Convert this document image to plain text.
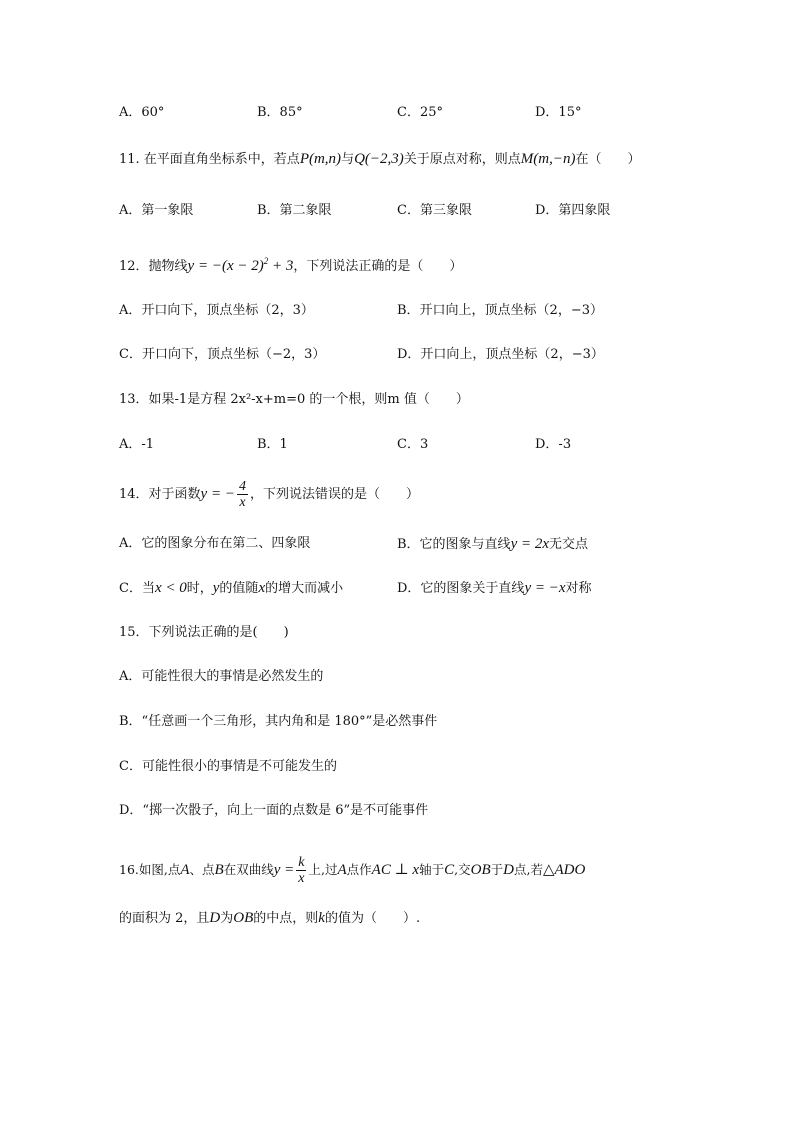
A．60°	B．85°	C．25°	D．15°
11. 在平面直角坐标系中，若点P(m,n)与Q(−2,3)关于原点对称，则点M(m,−n)在（　　）
A．第一象限	B．第二象限	C．第三象限	D．第四象限
12．抛物线$y = -(x - 2)^2 + 3$，下列说法正确的是（　　）
A．开口向下，顶点坐标（2，3）	B．开口向上，顶点坐标（2，−3）
C．开口向下，顶点坐标（−2，3）	D．开口向上，顶点坐标（2，−3）
13．如果-1是方程 2x²-x+m=0 的一个根，则m 值（　　）
A．-1	B．1	C．3	D．-3
14．对于函数y = − $\frac{4}{x}$ ，下列说法错误的是（　　）
A．它的图象分布在第二、四象限	B．它的图象与直线y = 2x无交点
C．当x < 0时，y的值随x的增大而减小	D．它的图象关于直线y = −x对称
15．下列说法正确的是(　　)
A．可能性很大的事情是必然发生的
B．“任意画一个三角形，其内角和是 180°”是必然事件
C．可能性很小的事情是不可能发生的
D．“掷一次骰子，向上一面的点数是 6”是不可能事件
16.如图,点A、点B在双曲线$y = \frac{k}{x}$ 上,过A点作AC ⊥ x轴于C,交OB于D点,若△ADO
的面积为 2，且D为OB的中点，则k的值为（　　）.
